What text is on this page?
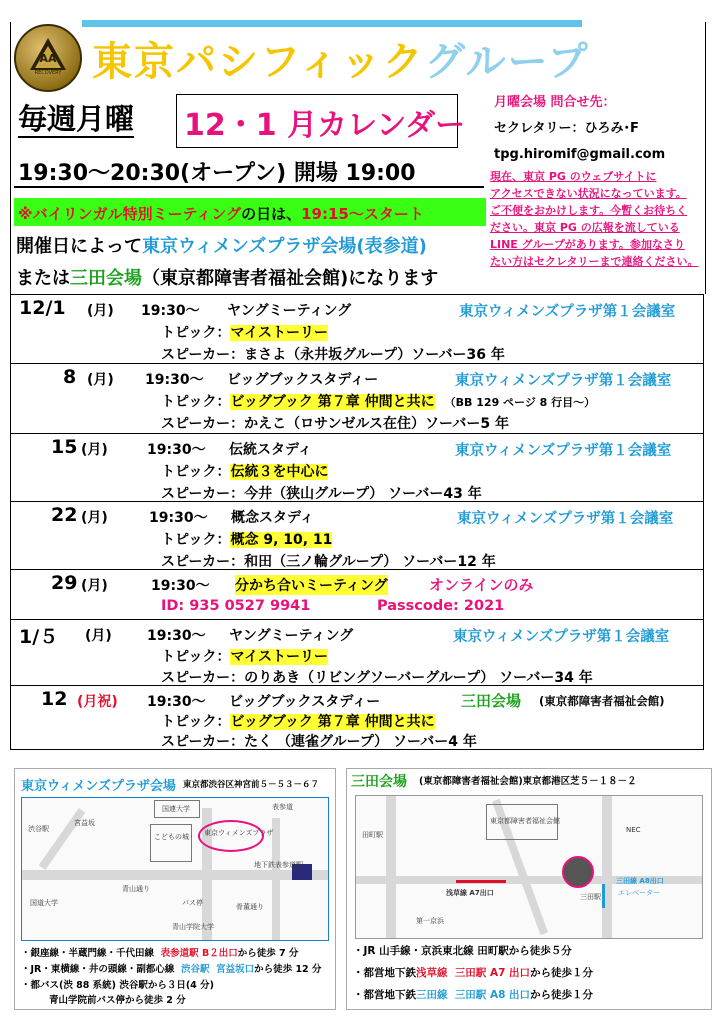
AA
RECOVERY 東京パシフィックグループ
毎週月曜 12・1 月カレンダー
19:30～20:30(オープン) 開場 19:00
※バイリンガル特別ミーティングの日は、19:15～スタート
開催日によって東京ウィメンズプラザ会場(表参道)
または三田会場（東京都障害者福祉会館)になります
月曜会場 問合せ先：
セクレタリー：ひろみ･F
tpg.hiromif@gmail.com
現在、東京 PG のウェブサイトに
アクセスできない状況になっています。
ご不便をおかけします。今暫くお待ちく
ださい。東京 PG の広報を流している
LINE グループがあります。参加なさり
たい方はセクレタリーまで連絡ください。
12/1 (月) 19:30～ ヤングミーティング	東京ウィメンズプラザ第１会議室
トピック：マイストーリー
スピーカー：まさよ（永井坂グループ）ソーバー36 年
8 (月) 19:30～ ビッグブックスタディー	東京ウィメンズプラザ第１会議室
トピック：ビッグブック 第７章 仲間と共に （BB 129 ページ 8 行目～）
スピーカー：かえこ（ロサンゼルス在住）ソーバー5 年
15 (月)	19:30～ 伝統スタディ	東京ウィメンズプラザ第１会議室
トピック：伝統３を中心に
スピーカー：今井（狭山グループ） ソーバー43 年
22 (月)	19:30～ 概念スタディ	東京ウィメンズプラザ第１会議室
トピック：概念 9, 10, 11
スピーカー：和田（三ノ輪グループ） ソーバー12 年
29 (月)	19:30～ 分かち合いミーティング	オンラインのみ
ID: 935 0527 9941	Passcode: 2021
1/５ (月)	19:30～ ヤングミーティング	東京ウィメンズプラザ第１会議室
トピック：マイストーリー
スピーカー：のりあき（リビングソーバーグループ） ソーバー34 年
12 (月祝) 19:30～ ビッグブックスタディー	三田会場 (東京都障害者福祉会館)
トピック：ビッグブック 第７章 仲間と共に
スピーカー：たく （連雀グループ） ソーバー4 年
東京ウィメンズプラザ会場 東京都渋谷区神宮前５－５３－６７
渋谷駅
宮益坂
国連大学	表参道
こどもの城 東京ウィメンズプラザ
青山通り
青山学院大学
骨董通り
地下鉄表参道駅
国道大学	バス停
・銀座線・半蔵門線・千代田線 表参道駅 B２出口から徒歩 7 分
・JR・東横線・井の頭線・副都心線 渋谷駅 宮益坂口から徒歩 12 分
・都バス(渋 88 系統) 渋谷駅から３日(4 分)
青山学院前バス停から徒歩 2 分
三田会場 (東京都障害者福祉会館)東京都港区芝５－１８－２
田町駅
三田駅
浅草線 A7出口
三田線 A8出口
NEC
第一京浜
東京都障害者福祉会館
エレベーター
・JR 山手線・京浜東北線 田町駅から徒歩５分
・都営地下鉄浅草線 三田駅 A7 出口から徒歩１分
・都営地下鉄三田線 三田駅 A8 出口から徒歩１分
